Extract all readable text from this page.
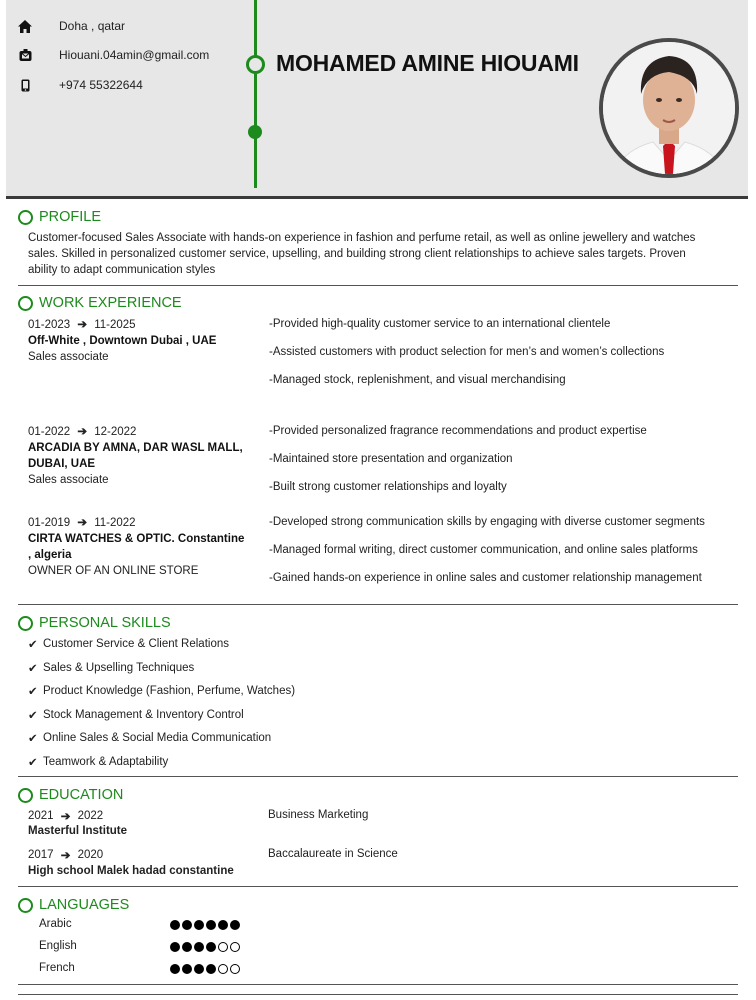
Doha , qatar
Hiouani.04amin@gmail.com
+974 55322644
MOHAMED AMINE HIOUAMI
PROFILE
Customer-focused Sales Associate with hands-on experience in fashion and perfume retail, as well as online jewellery and watches sales. Skilled in personalized customer service, upselling, and building strong client relationships to achieve sales targets. Proven ability to adapt communication styles
WORK EXPERIENCE
01-2023 ➔ 11-2025
Off-White , Downtown Dubai , UAE
Sales associate
-Provided high-quality customer service to an international clientele
-Assisted customers with product selection for men’s and women’s collections
-Managed stock, replenishment, and visual merchandising
01-2022 ➔ 12-2022
ARCADIA BY AMNA, DAR WASL MALL, DUBAI, UAE
Sales associate
-Provided personalized fragrance recommendations and product expertise
-Maintained store presentation and organization
-Built strong customer relationships and loyalty
01-2019 ➔ 11-2022
CIRTA WATCHES & OPTIC. Constantine , algeria
OWNER OF AN ONLINE STORE
-Developed strong communication skills by engaging with diverse customer segments
-Managed formal writing, direct customer communication, and online sales platforms
-Gained hands-on experience in online sales and customer relationship management
PERSONAL SKILLS
✔ Customer Service & Client Relations
✔ Sales & Upselling Techniques
✔ Product Knowledge (Fashion, Perfume, Watches)
✔ Stock Management & Inventory Control
✔ Online Sales & Social Media Communication
✔ Teamwork & Adaptability
EDUCATION
2021 ➔ 2022
Masterful Institute
Business Marketing
2017 ➔ 2020
High school Malek hadad constantine
Baccalaureate in Science
LANGUAGES
Arabic
English
French
